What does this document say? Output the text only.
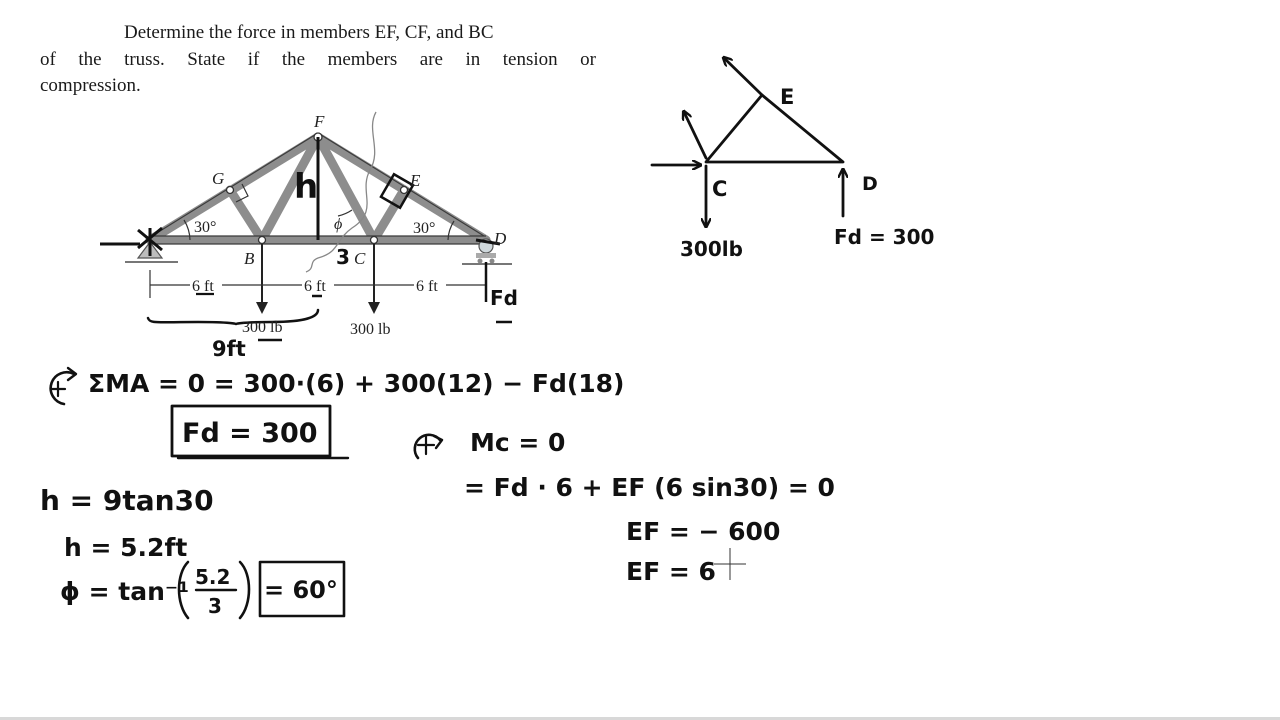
Determine the force in members EF, CF, and BC
of the truss. State if the members are in tension or
compression.
F
G	E
B	C
D
30°	30°
ϕ
6 ft	6 ft	6 ft
300 lb	300 lb
h
3
Fd
9ft
E
C	D
300lb	Fd = 300
ΣMA = 0 = 300·(6) + 300(12) − Fd(18)
Fd = 300	Mc = 0
= Fd · 6 + EF (6 sin30) = 0
EF = − 600
EF = 6
h = 9tan30
h = 5.2ft
ϕ = tan⁻¹ 5.2
3
= 60°
